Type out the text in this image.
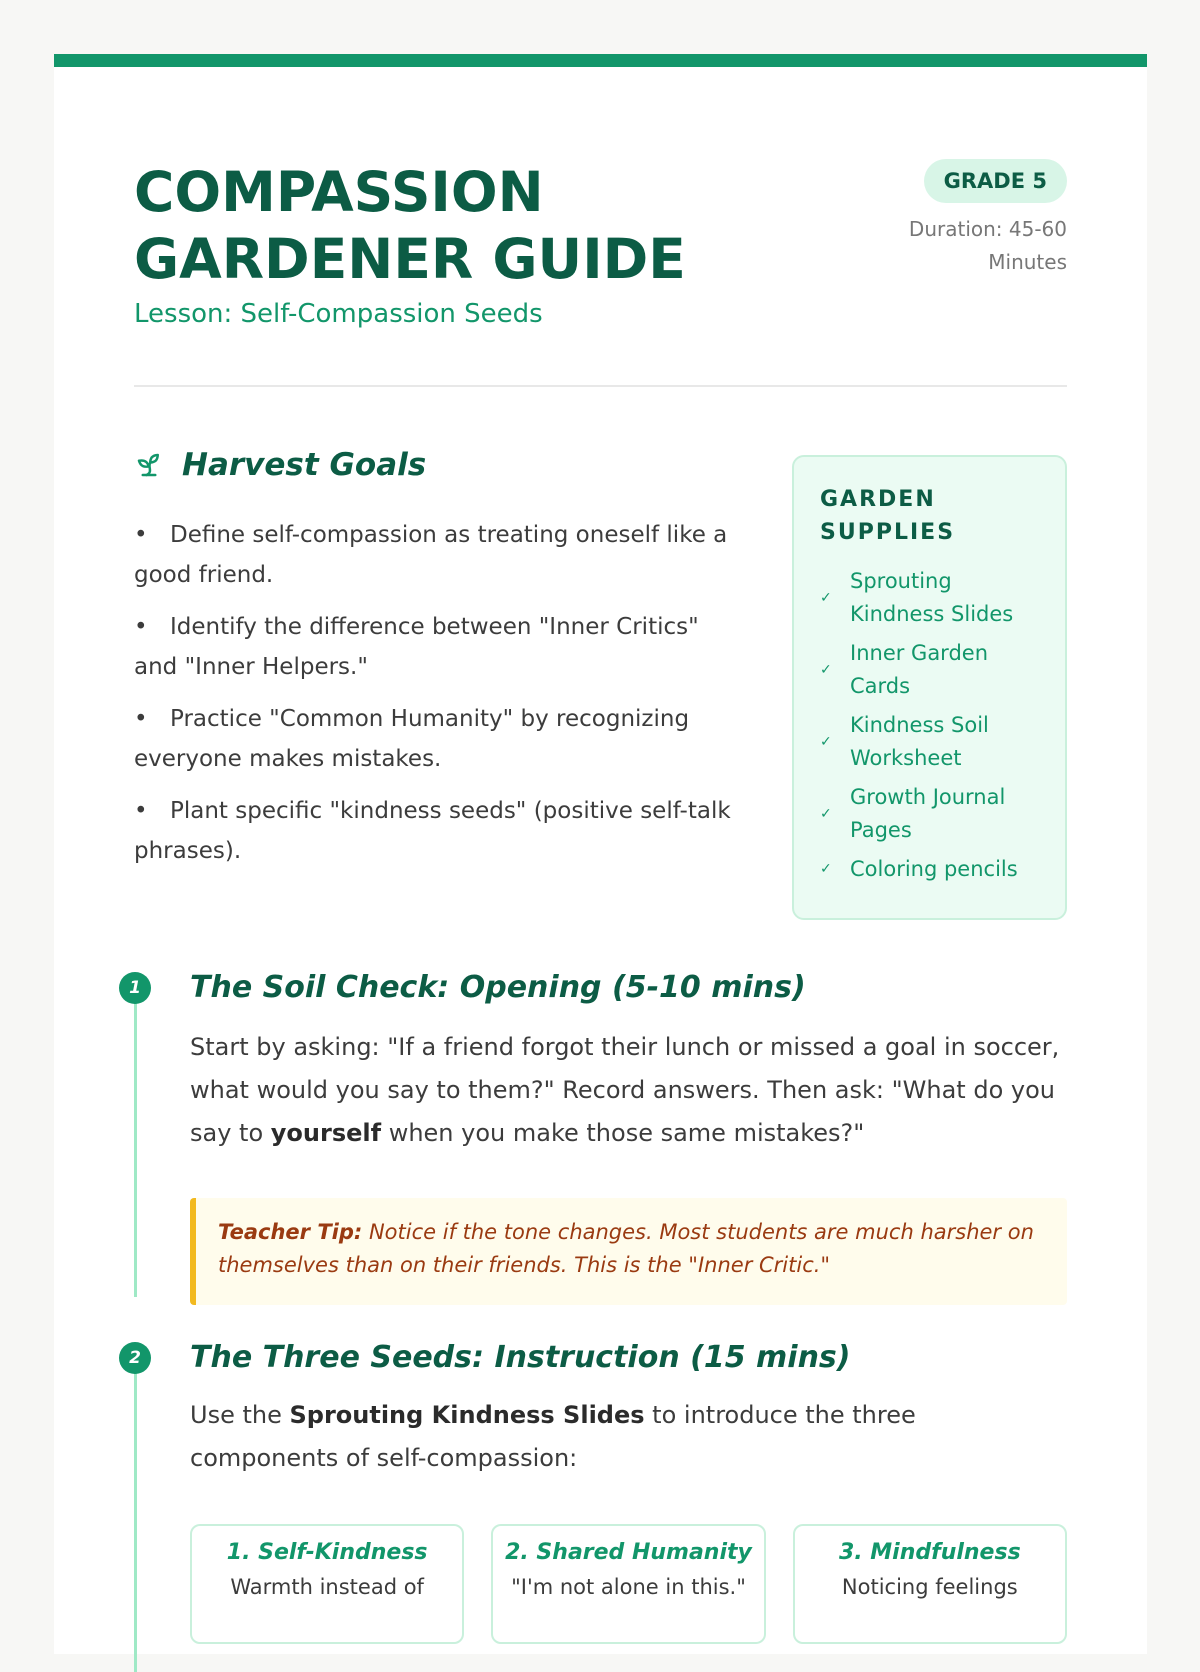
COMPASSION
GARDENER GUIDE
Lesson: Self-Compassion Seeds
GRADE 5
Duration: 45-60 Minutes
Harvest Goals
• Define self-compassion as treating oneself like a good friend.
• Identify the difference between "Inner Critics" and "Inner Helpers."
• Practice "Common Humanity" by recognizing everyone makes mistakes.
• Plant specific "kindness seeds" (positive self-talk phrases).
GARDEN SUPPLIES
✓
Sprouting Kindness Slides
✓
Inner Garden Cards
✓
Kindness Soil Worksheet
✓
Growth Journal Pages
✓ Coloring pencils
1	The Soil Check: Opening (5-10 mins)
Start by asking: "If a friend forgot their lunch or missed a goal in soccer, what would you say to them?" Record answers. Then ask: "What do you say to yourself when you make those same mistakes?"
Teacher Tip: Notice if the tone changes. Most students are much harsher on themselves than on their friends. This is the "Inner Critic."
2	The Three Seeds: Instruction (15 mins)
Use the Sprouting Kindness Slides to introduce the three components of self-compassion:
1. Self-Kindness
Warmth instead of
2. Shared Humanity
"I'm not alone in this."
3. Mindfulness
Noticing feelings
